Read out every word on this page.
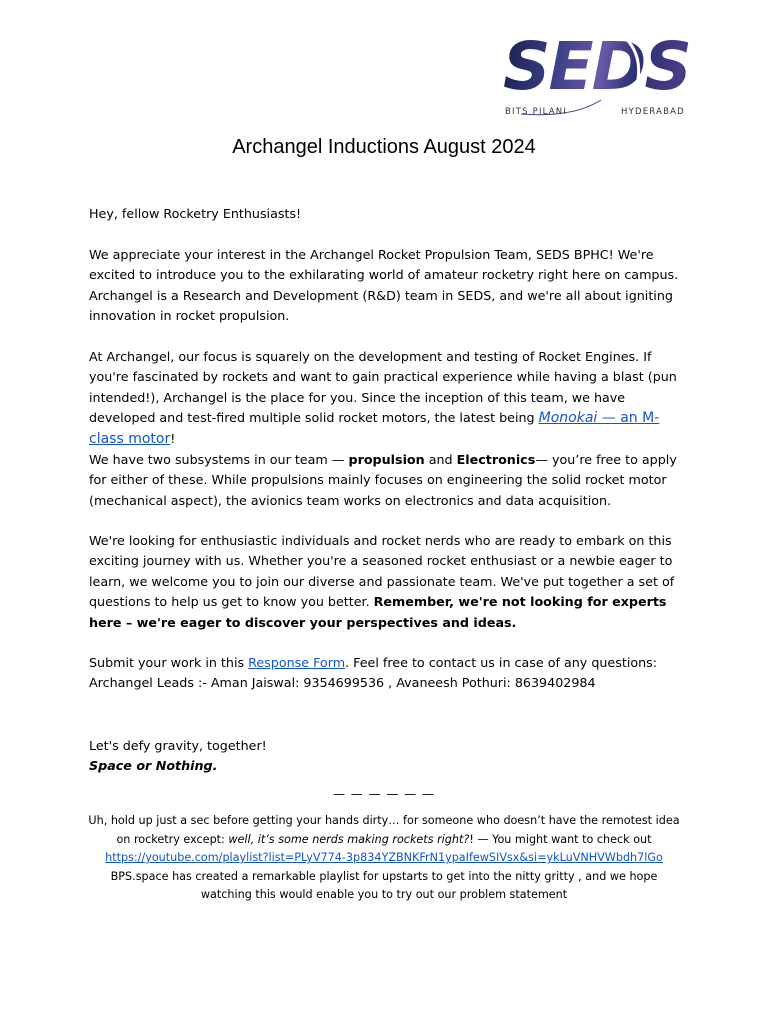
SEDS
BITS PILANI	HYDERABAD
Archangel Inductions August 2024

Hey, fellow Rocketry Enthusiasts!

We appreciate your interest in the Archangel Rocket Propulsion Team, SEDS BPHC! We're excited to introduce you to the exhilarating world of amateur rocketry right here on campus. Archangel is a Research and Development (R&D) team in SEDS, and we're all about igniting innovation in rocket propulsion.

At Archangel, our focus is squarely on the development and testing of Rocket Engines. If you're fascinated by rockets and want to gain practical experience while having a blast (pun intended!), Archangel is the place for you. Since the inception of this team, we have developed and test-fired multiple solid rocket motors, the latest being Monokai — an M-class motor!

We have two subsystems in our team — propulsion and Electronics— you’re free to apply for either of these. While propulsions mainly focuses on engineering the solid rocket motor (mechanical aspect), the avionics team works on electronics and data acquisition.

We're looking for enthusiastic individuals and rocket nerds who are ready to embark on this exciting journey with us. Whether you're a seasoned rocket enthusiast or a newbie eager to learn, we welcome you to join our diverse and passionate team. We've put together a set of questions to help us get to know you better. Remember, we're not looking for experts here – we're eager to discover your perspectives and ideas.

Submit your work in this Response Form. Feel free to contact us in case of any questions:

Archangel Leads :- Aman Jaiswal: 9354699536 , Avaneesh Pothuri: 8639402984

Let's defy gravity, together!

Space or Nothing.

— — — — — —

Uh, hold up just a sec before getting your hands dirty… for someone who doesn’t have the remotest idea on rocketry except: well, it’s some nerds making rockets right?! — You might want to check out

https://youtube.com/playlist?list=PLyV774-3p834YZBNKFrN1ypaIfewSIVsx&si=ykLuVNHVWbdh7lGo

BPS.space has created a remarkable playlist for upstarts to get into the nitty gritty , and we hope watching this would enable you to try out our problem statement
